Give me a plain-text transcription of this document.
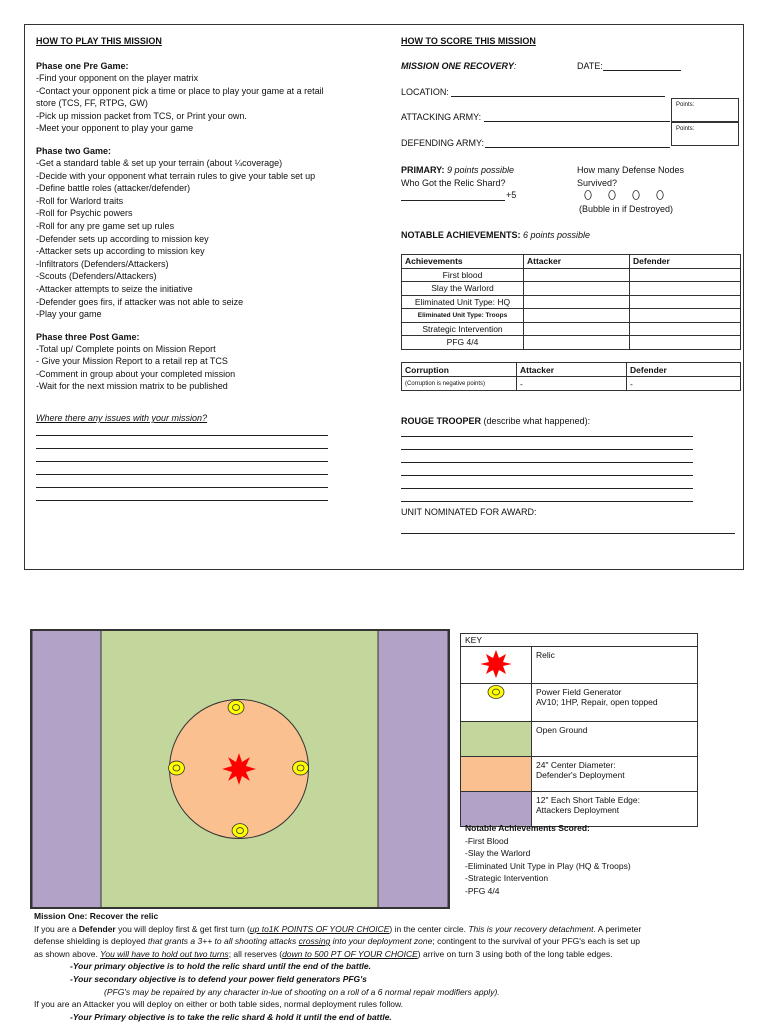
HOW TO PLAY THIS MISSION
Phase one Pre Game:
-Find your opponent on the player matrix
-Contact your opponent pick a time or place to play your game at a retail
store (TCS, FF, RTPG, GW)
-Pick up mission packet from TCS, or Print your own.
-Meet your opponent to play your game
Phase two Game:
-Get a standard table & set up your terrain (about ¼coverage)
-Decide with your opponent what terrain rules to give your table set up
-Define battle roles (attacker/defender)
-Roll for Warlord traits
-Roll for Psychic powers
-Roll for any pre game set up rules
-Defender sets up according to mission key
-Attacker sets up according to mission key
-Infiltrators (Defenders/Attackers)
-Scouts (Defenders/Attackers)
-Attacker attempts to seize the initiative
-Defender goes firs, if attacker was not able to seize
-Play your game
Phase three Post Game:
-Total up/ Complete points on Mission Report
- Give your Mission Report to a retail rep at TCS
-Comment in group about your completed mission
-Wait for the next mission matrix to be published
Where there any issues with your mission?
HOW TO SCORE THIS MISSION
MISSION ONE RECOVERY:	DATE:
LOCATION:
Points:
Points:
ATTACKING ARMY:
DEFENDING ARMY:
PRIMARY: 9 points possible
Who Got the Relic Shard?
+5
How many Defense Nodes
Survived?
(Bubble in if Destroyed)
NOTABLE ACHIEVEMENTS: 6 points possible
Achievements	Attacker	Defender
First blood		
Slay the Warlord		
Eliminated Unit Type: HQ		
Eliminated Unit Type: Troops		
Strategic Intervention		
PFG 4/4		
Corruption	Attacker	Defender
(Corruption is negative points)	-	-
ROUGE TROOPER (describe what happened):
UNIT NOMINATED FOR AWARD:
KEY	
	Relic

Power Field Generator
AV10; 1HP, Repair, open topped

	Open Ground

	24" Center Diameter:
Defender's Deployment

	12" Each Short Table Edge:
Attackers Deployment
Notable Achievements Scored:
-First Blood
-Slay the Warlord
-Eliminated Unit Type in Play (HQ & Troops)
-Strategic Intervention
-PFG 4/4
Mission One: Recover the relic
If you are a Defender you will deploy first & get first turn (up to1K POINTS OF YOUR CHOICE) in the center circle. This is your recovery detachment. A perimeter
defense shielding is deployed that grants a 3++ to all shooting attacks crossing into your deployment zone; contingent to the survival of your PFG's each is set up
as shown above. You will have to hold out two turns; all reserves (down to 500 PT OF YOUR CHOICE) arrive on turn 3 using both of the long table edges.
-Your primary objective is to hold the relic shard until the end of the battle.
-Your secondary objective is to defend your power field generators PFG's
(PFG's may be repaired by any character in-lue of shooting on a roll of a 6 normal repair modifiers apply).
If you are an Attacker you will deploy on either or both table sides, normal deployment rules follow.
-Your Primary objective is to take the relic shard & hold it until the end of battle.
